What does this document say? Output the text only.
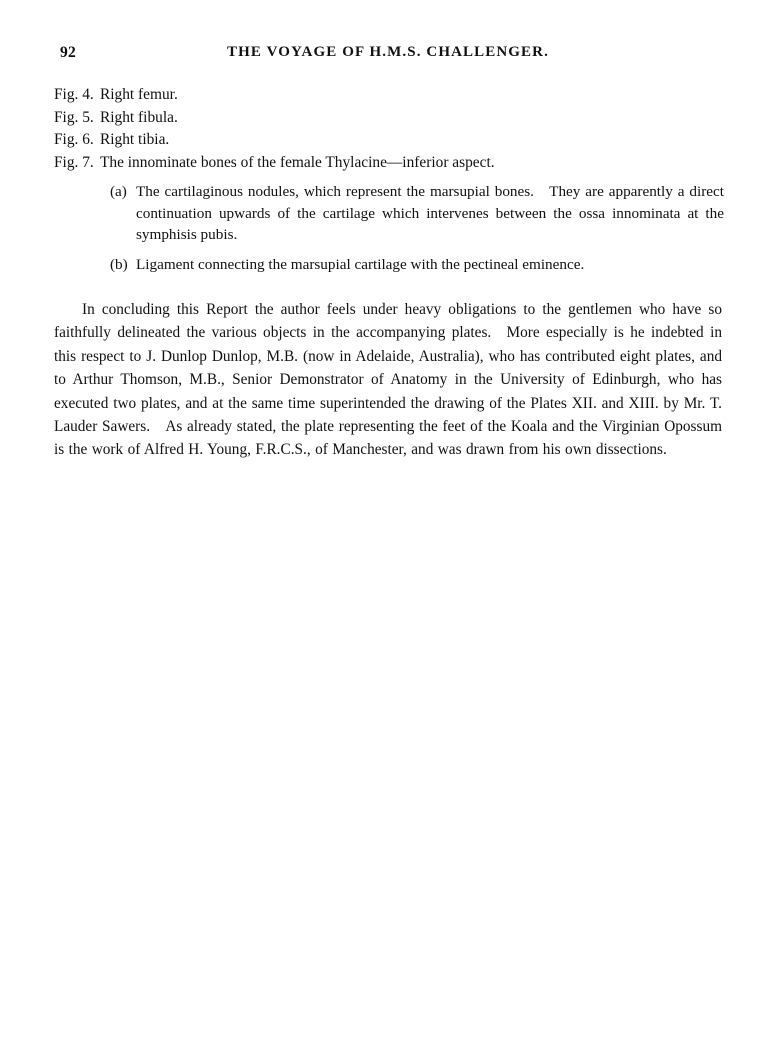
92	THE VOYAGE OF H.M.S. CHALLENGER.
Fig. 4. Right femur.
Fig. 5. Right fibula.
Fig. 6. Right tibia.
Fig. 7. The innominate bones of the female Thylacine—inferior aspect.
(a) The cartilaginous nodules, which represent the marsupial bones. They are apparently a direct continuation upwards of the cartilage which intervenes between the ossa innominata at the symphisis pubis.
(b) Ligament connecting the marsupial cartilage with the pectineal eminence.
In concluding this Report the author feels under heavy obligations to the gentlemen who have so faithfully delineated the various objects in the accompanying plates. More especially is he indebted in this respect to J. Dunlop Dunlop, M.B. (now in Adelaide, Australia), who has contributed eight plates, and to Arthur Thomson, M.B., Senior Demonstrator of Anatomy in the University of Edinburgh, who has executed two plates, and at the same time superintended the drawing of the Plates XII. and XIII. by Mr. T. Lauder Sawers. As already stated, the plate representing the feet of the Koala and the Virginian Opossum is the work of Alfred H. Young, F.R.C.S., of Manchester, and was drawn from his own dissections.
